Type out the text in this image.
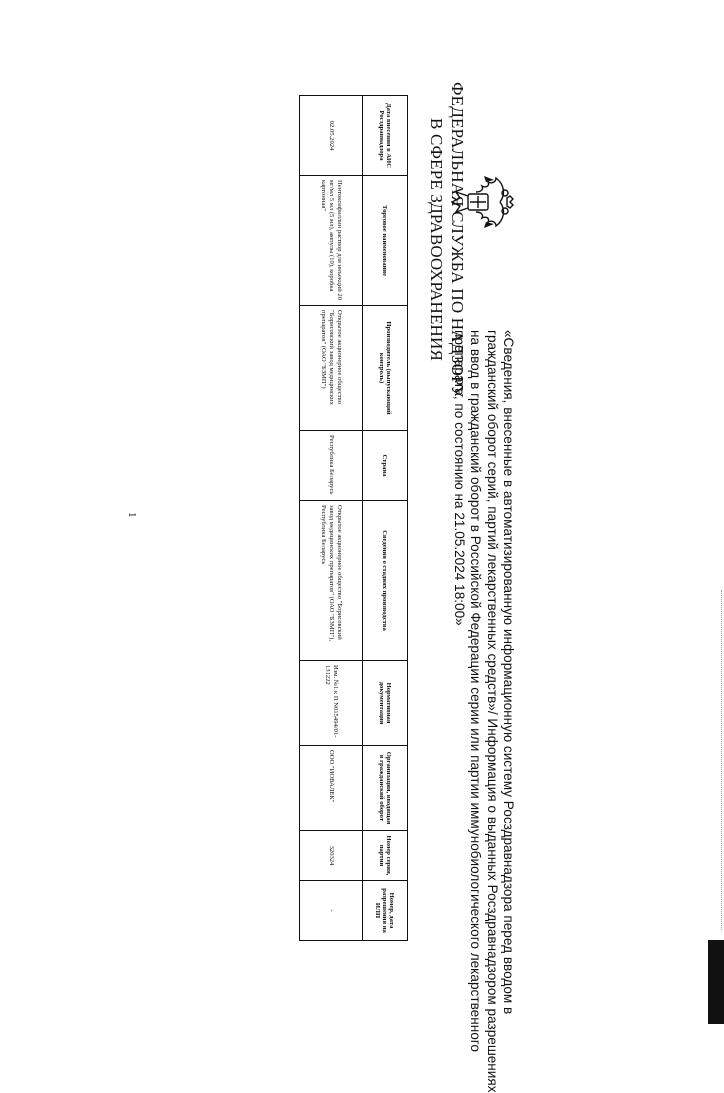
ФЕДЕРАЛЬНАЯ СЛУЖБА ПО НАДЗОРУ
В СФЕРЕ ЗДРАВООХРАНЕНИЯ
«Сведения, внесенные в автоматизированную информационную систему Росздравнадзора перед вводом в
гражданский оборот серий, партий лекарственных средств»/ Информация о выданных Росздравнадзором разрешениях
на ввод в гражданский оборот в Российской Федерации серии или партии иммунобиологического лекарственного
препарата, по состоянию на 21.05.2024 18:00»
Дата внесения в АИС Росздравнадзора	Торговое наименование	Производитель (выпускающий контроль)	Страна	Сведения о стадиях производства	Нормативная документация	Организация, вводящая в гражданский оборот	Номер серии, партии	Номер, дата разрешения на ИЛП
02.05.2024	Пентоксифиллин раствор для инъекций 20 мг/мл 5 мл (5 мл), ампулы (10), коробка картонная"	Открытое акционерное общество "Борисовский завод медицинских препаратов" (ОАО "БЗМП")	Республика Беларусь	Открытое акционерное общество "Борисовский завод медицинских препаратов" (ОАО "БЗМП"), Республика Беларусь	Изм. №1 к П N015494/01-131222	ООО "ИОВАЛЕК"	320324	-
1
